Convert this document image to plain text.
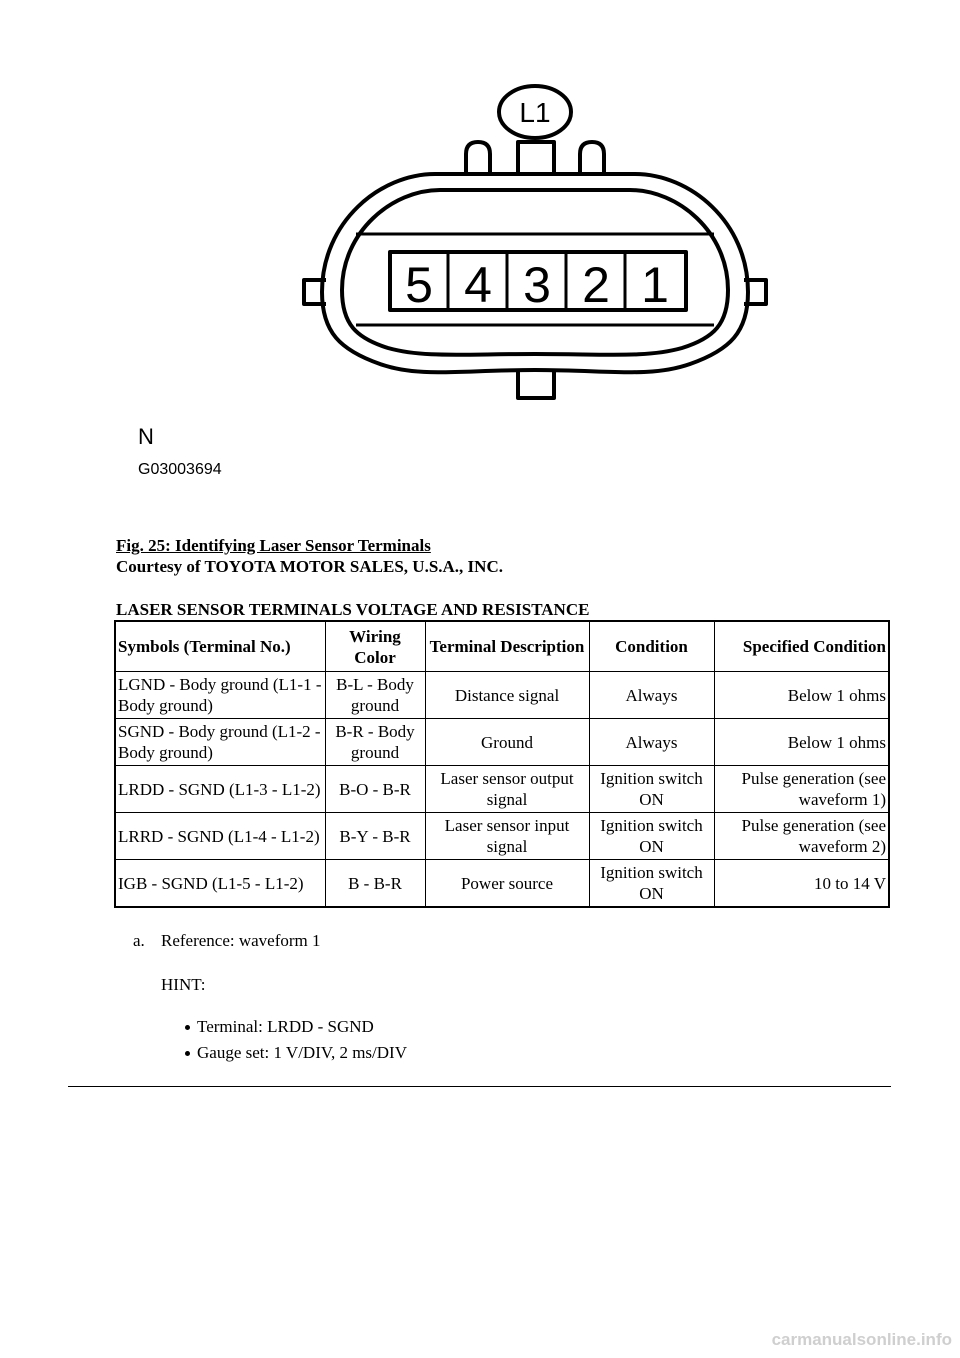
L1
5 4 3 2 1
N
G03003694
Fig. 25: Identifying Laser Sensor Terminals
Courtesy of TOYOTA MOTOR SALES, U.S.A., INC.
LASER SENSOR TERMINALS VOLTAGE AND RESISTANCE
Symbols (Terminal No.)	Wiring Color	Terminal Description	Condition	Specified Condition
LGND - Body ground (L1-1 - Body ground)	B-L - Body ground	Distance signal	Always	Below 1 ohms
SGND - Body ground (L1-2 - Body ground)	B-R - Body ground	Ground	Always	Below 1 ohms
LRDD - SGND (L1-3 - L1-2)	B-O - B-R	Laser sensor output signal	Ignition switch ON	Pulse generation (see waveform 1)
LRRD - SGND (L1-4 - L1-2)	B-Y - B-R	Laser sensor input signal	Ignition switch ON	Pulse generation (see waveform 2)
IGB - SGND (L1-5 - L1-2)	B - B-R	Power source	Ignition switch ON	10 to 14 V
a. Reference: waveform 1
HINT:
Terminal: LRDD - SGND
Gauge set: 1 V/DIV, 2 ms/DIV
carmanualsonline.info
